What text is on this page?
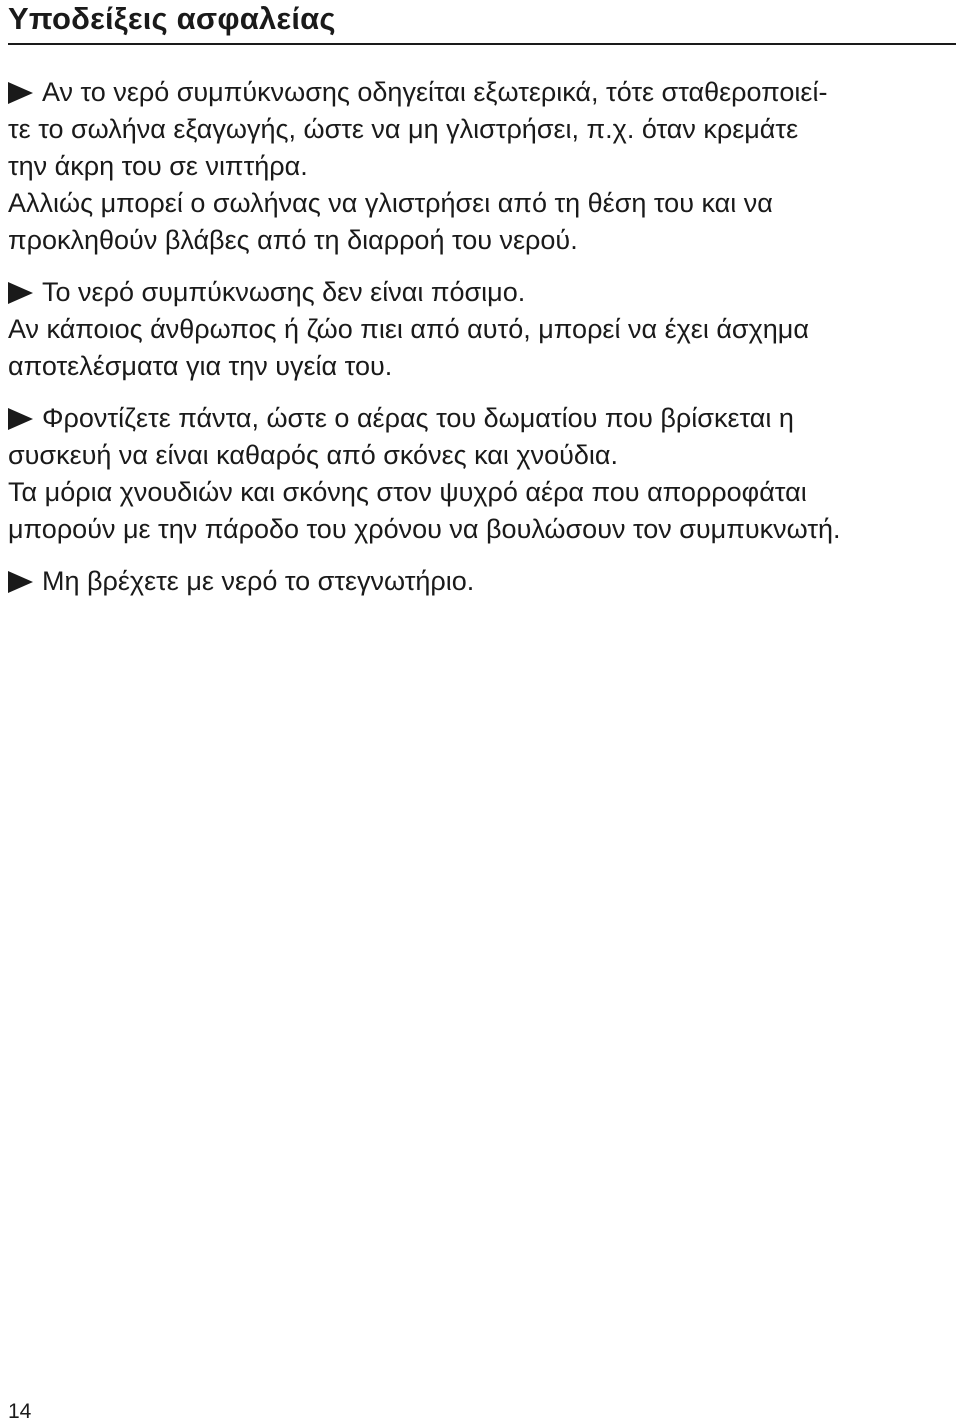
Υποδείξεις ασφαλείας

Αν το νερό συμπύκνωσης οδηγείται εξωτερικά, τότε σταθεροποιεί-

τε το σωλήνα εξαγωγής, ώστε να μη γλιστρήσει, π.χ. όταν κρεμάτε

την άκρη του σε νιπτήρα.

Αλλιώς μπορεί ο σωλήνας να γλιστρήσει από τη θέση του και να

προκληθούν βλάβες από τη διαρροή του νερού.

Το νερό συμπύκνωσης δεν είναι πόσιμο.

Αν κάποιος άνθρωπος ή ζώο πιει από αυτό, μπορεί να έχει άσχημα

αποτελέσματα για την υγεία του.

Φροντίζετε πάντα, ώστε ο αέρας του δωματίου που βρίσκεται η

συσκευή να είναι καθαρός από σκόνες και χνούδια.

Τα μόρια χνουδιών και σκόνης στον ψυχρό αέρα που απορροφάται

μπορούν με την πάροδο του χρόνου να βουλώσουν τον συμπυκνωτή.

Μη βρέχετε με νερό το στεγνωτήριο.

14
